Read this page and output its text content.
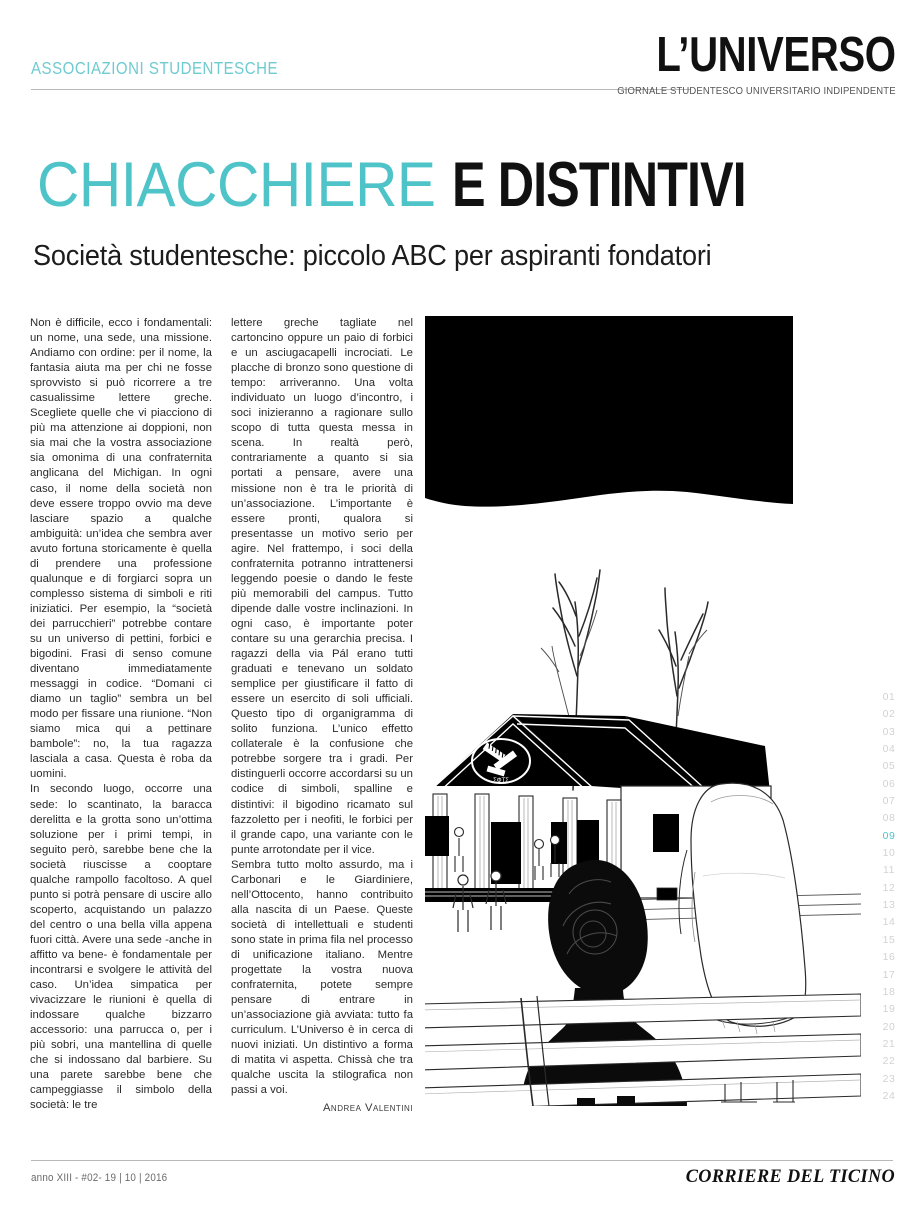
ASSOCIAZIONI STUDENTESCHE	L’UNIVERSO
GIORNALE STUDENTESCO UNIVERSITARIO INDIPENDENTE
CHIACCHIERE E DISTINTIVI
Società studentesche: piccolo ABC per aspiranti fondatori

Non è difficile, ecco i fondamentali: un nome, una sede, una missione. Andiamo con ordine: per il nome, la fantasia aiuta ma per chi ne fosse sprovvisto si può ricorrere a tre casualissime lettere greche. Scegliete quelle che vi piacciono di più ma attenzione ai doppioni, non sia mai che la vostra associazione sia omonima di una confraternita anglicana del Michigan. In ogni caso, il nome della società non deve essere troppo ovvio ma deve lasciare spazio a qualche ambiguità: un’idea che sembra aver avuto fortuna storicamente è quella di prendere una professione qualunque e di forgiarci sopra un complesso sistema di simboli e riti iniziatici. Per esempio, la “società dei parrucchieri” potrebbe contare su un universo di pettini, forbici e bigodini. Frasi di senso comune diventano immediatamente messaggi in codice. “Domani ci diamo un taglio” sembra un bel modo per fissare una riunione. “Non siamo mica qui a pettinare bambole”: no, la tua ragazza lasciala a casa. Questa è roba da uomini.

In secondo luogo, occorre una sede: lo scantinato, la baracca derelitta e la grotta sono un’ottima soluzione per i primi tempi, in seguito però, sarebbe bene che la società riuscisse a cooptare qualche rampollo facoltoso. A quel punto si potrà pensare di uscire allo scoperto, acquistando un palazzo del centro o una bella villa appena fuori città. Avere una sede -anche in affitto va bene- è fondamentale per incontrarsi e svolgere le attività del caso. Un’idea simpatica per vivacizzare le riunioni è quella di indossare qualche bizzarro accessorio: una parrucca o, per i più sobri, una mantellina di quelle che si indossano dal barbiere. Su una parete sarebbe bene che campeggiasse il simbolo della società: le tre

lettere greche tagliate nel cartoncino oppure un paio di forbici e un asciugacapelli incrociati. Le placche di bronzo sono questione di tempo: arriveranno. Una volta individuato un luogo d’incontro, i soci inizieranno a ragionare sullo scopo di tutta questa messa in scena. In realtà però, contrariamente a quanto si sia portati a pensare, avere una missione non è tra le priorità di un’associazione. L’importante è essere pronti, qualora si presentasse un motivo serio per agire. Nel frattempo, i soci della confraternita potranno intrattenersi leggendo poesie o dando le feste più memorabili del campus. Tutto dipende dalle vostre inclinazioni. In ogni caso, è importante poter contare su una gerarchia precisa. I ragazzi della via Pál erano tutti graduati e tenevano un soldato semplice per giustificare il fatto di essere un esercito di soli ufficiali. Questo tipo di organigramma di solito funziona. L’unico effetto collaterale è la confusione che potrebbe sorgere tra i gradi. Per distinguerli occorre accordarsi su un codice di simboli, spalline e distintivi: il bigodino ricamato sul fazzoletto per i neofiti, le forbici per il grande capo, una variante con le punte arrotondate per il vice.

Sembra tutto molto assurdo, ma i Carbonari e le Giardiniere, nell’Ottocento, hanno contribuito alla nascita di un Paese. Queste società di intellettuali e studenti sono state in prima fila nel processo di unificazione italiano. Mentre progettate la vostra nuova confraternita, potete sempre pensare di entrare in un’associazione già avviata: tutto fa curriculum. L’Universo è in cerca di nuovi iniziati. Un distintivo a forma di matita vi aspetta. Chissà che tra qualche uscita la stilografica non passi a voi.

Andrea Valentini
ΣΦΤΣ
01
02
03
04
05
06
07
08
09
10
11
12
13
14
15
16
17
18
19
20
21
22
23
24
anno XIII - #02- 19 | 10 | 2016	CORRIERE DEL TICINO
